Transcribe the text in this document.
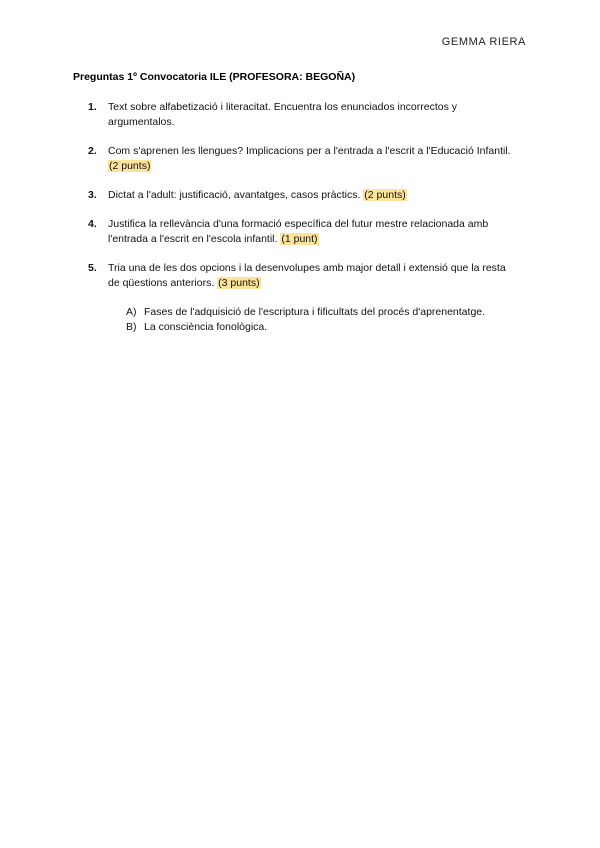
GEMMA RIERA
Preguntas 1º Convocatoria ILE (PROFESORA: BEGOÑA)
1. Text sobre alfabetizació i literacitat. Encuentra los enunciados incorrectos y argumentalos.
2. Com s'aprenen les llengues? Implicacions per a l'entrada a l'escrit a l'Educació Infantil. (2 punts)
3. Dictat a l'adult: justificació, avantatges, casos pràctics. (2 punts)
4. Justifica la rellevància d'una formació específica del futur mestre relacionada amb l'entrada a l'escrit en l'escola infantil. (1 punt)
5. Tria una de les dos opcions i la desenvolupes amb major detall i extensió que la resta de qüestions anteriors. (3 punts)
A) Fases de l'adquisició de l'escriptura i fificultats del procés d'aprenentatge.
B) La consciència fonològica.
